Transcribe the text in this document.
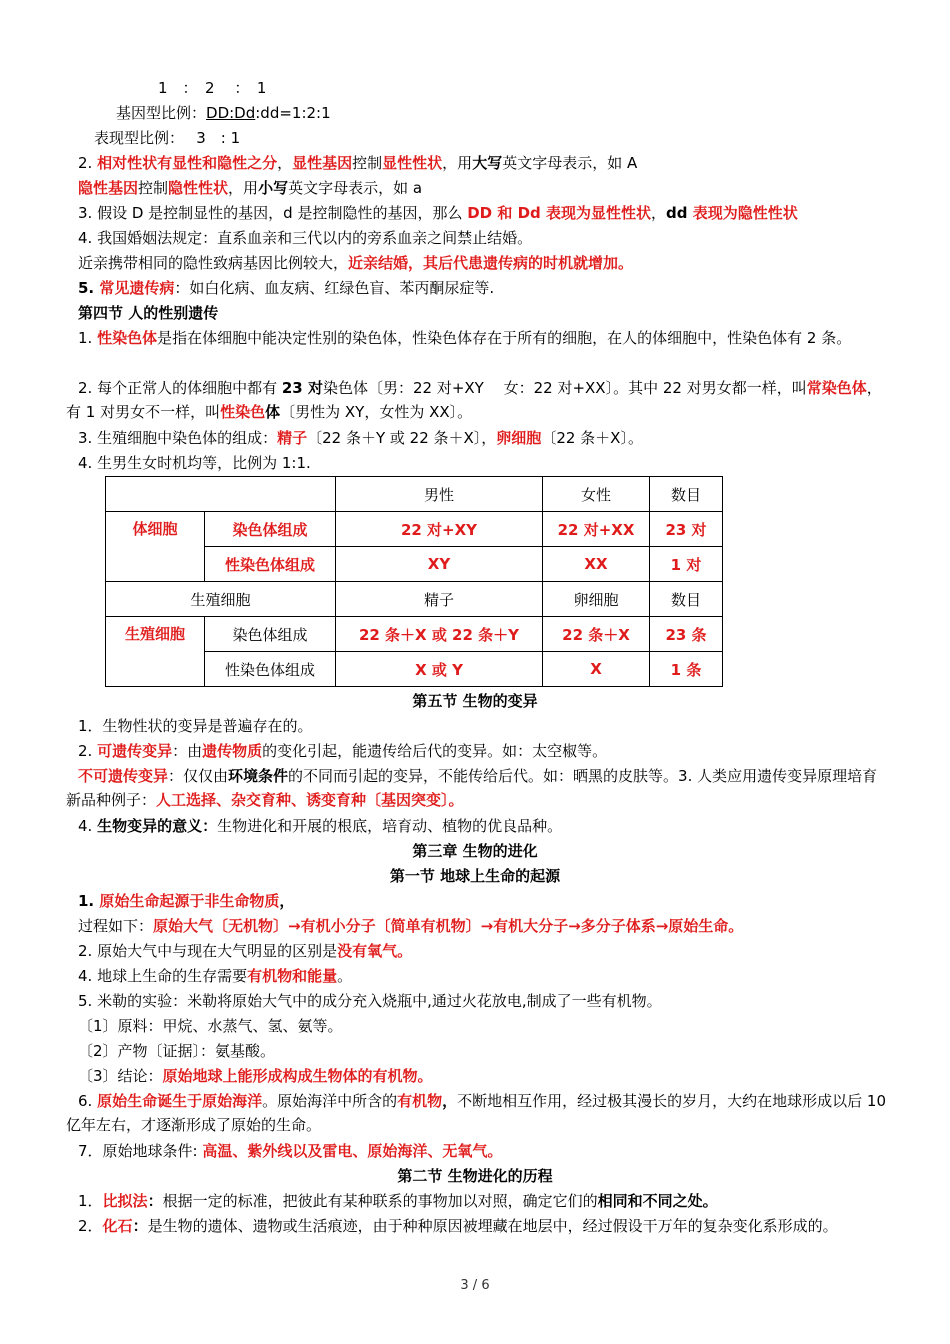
1　：　2　 ：　1
基因型比例：DD:Dd:dd=1:2:1
表现型比例：　 3　: 1
2. 相对性状有显性和隐性之分，显性基因控制显性性状，用大写英文字母表示，如 A
隐性基因控制隐性性状，用小写英文字母表示，如 a
3. 假设 D 是控制显性的基因，d 是控制隐性的基因，那么 DD 和 Dd 表现为显性性状，dd 表现为隐性性状
4. 我国婚姻法规定：直系血亲和三代以内的旁系血亲之间禁止结婚。
近亲携带相同的隐性致病基因比例较大，近亲结婚，其后代患遗传病的时机就增加。
5. 常见遗传病：如白化病、血友病、红绿色盲、苯丙酮尿症等.
第四节 人的性别遗传
1. 性染色体是指在体细胞中能决定性别的染色体，性染色体存在于所有的细胞，在人的体细胞中，性染色体有 2 条。
2. 每个正常人的体细胞中都有 23 对染色体〔男：22 对+XY　 女：22 对+XX〕。其中 22 对男女都一样，叫常染色体，有 1 对男女不一样，叫性染色体〔男性为 XY，女性为 XX〕。
3. 生殖细胞中染色体的组成：精子〔22 条＋Y 或 22 条＋X〕，卵细胞〔22 条＋X〕。
4. 生男生女时机均等，比例为 1:1.
		男性	女性	数目
体细胞	染色体组成	22 对+XY	22 对+XX	23 对
	性染色体组成	XY	XX	1 对
生殖细胞		精子	卵细胞	数目
生殖细胞	染色体组成	22 条＋X 或 22 条＋Y	22 条＋X	23 条
	性染色体组成	X 或 Y	X	1 条
第五节 生物的变异
1．生物性状的变异是普遍存在的。
2. 可遗传变异：由遗传物质的变化引起，能遗传给后代的变异。如：太空椒等。
不可遗传变异：仅仅由环境条件的不同而引起的变异，不能传给后代。如：晒黑的皮肤等。3. 人类应用遗传变异原理培育新品种例子：人工选择、杂交育种、诱变育种〔基因突变〕。
4. 生物变异的意义：生物进化和开展的根底，培育动、植物的优良品种。
第三章 生物的进化
第一节 地球上生命的起源
1. 原始生命起源于非生命物质，
过程如下：原始大气〔无机物〕→有机小分子〔简单有机物〕→有机大分子→多分子体系→原始生命。
2. 原始大气中与现在大气明显的区别是没有氧气。
4. 地球上生命的生存需要有机物和能量。
5. 米勒的实验：米勒将原始大气中的成分充入烧瓶中,通过火花放电,制成了一些有机物。
〔1〕原料：甲烷、水蒸气、氢、氨等。
〔2〕产物〔证据〕：氨基酸。
〔3〕结论：原始地球上能形成构成生物体的有机物。
6. 原始生命诞生于原始海洋。原始海洋中所含的有机物，不断地相互作用，经过极其漫长的岁月，大约在地球形成以后 10 亿年左右，才逐渐形成了原始的生命。
7．原始地球条件: 高温、紫外线以及雷电、原始海洋、无氧气。
第二节 生物进化的历程
1．比拟法：根据一定的标准，把彼此有某种联系的事物加以对照，确定它们的相同和不同之处。
2．化石：是生物的遗体、遗物或生活痕迹，由于种种原因被埋藏在地层中，经过假设干万年的复杂变化系形成的。
3 / 6
